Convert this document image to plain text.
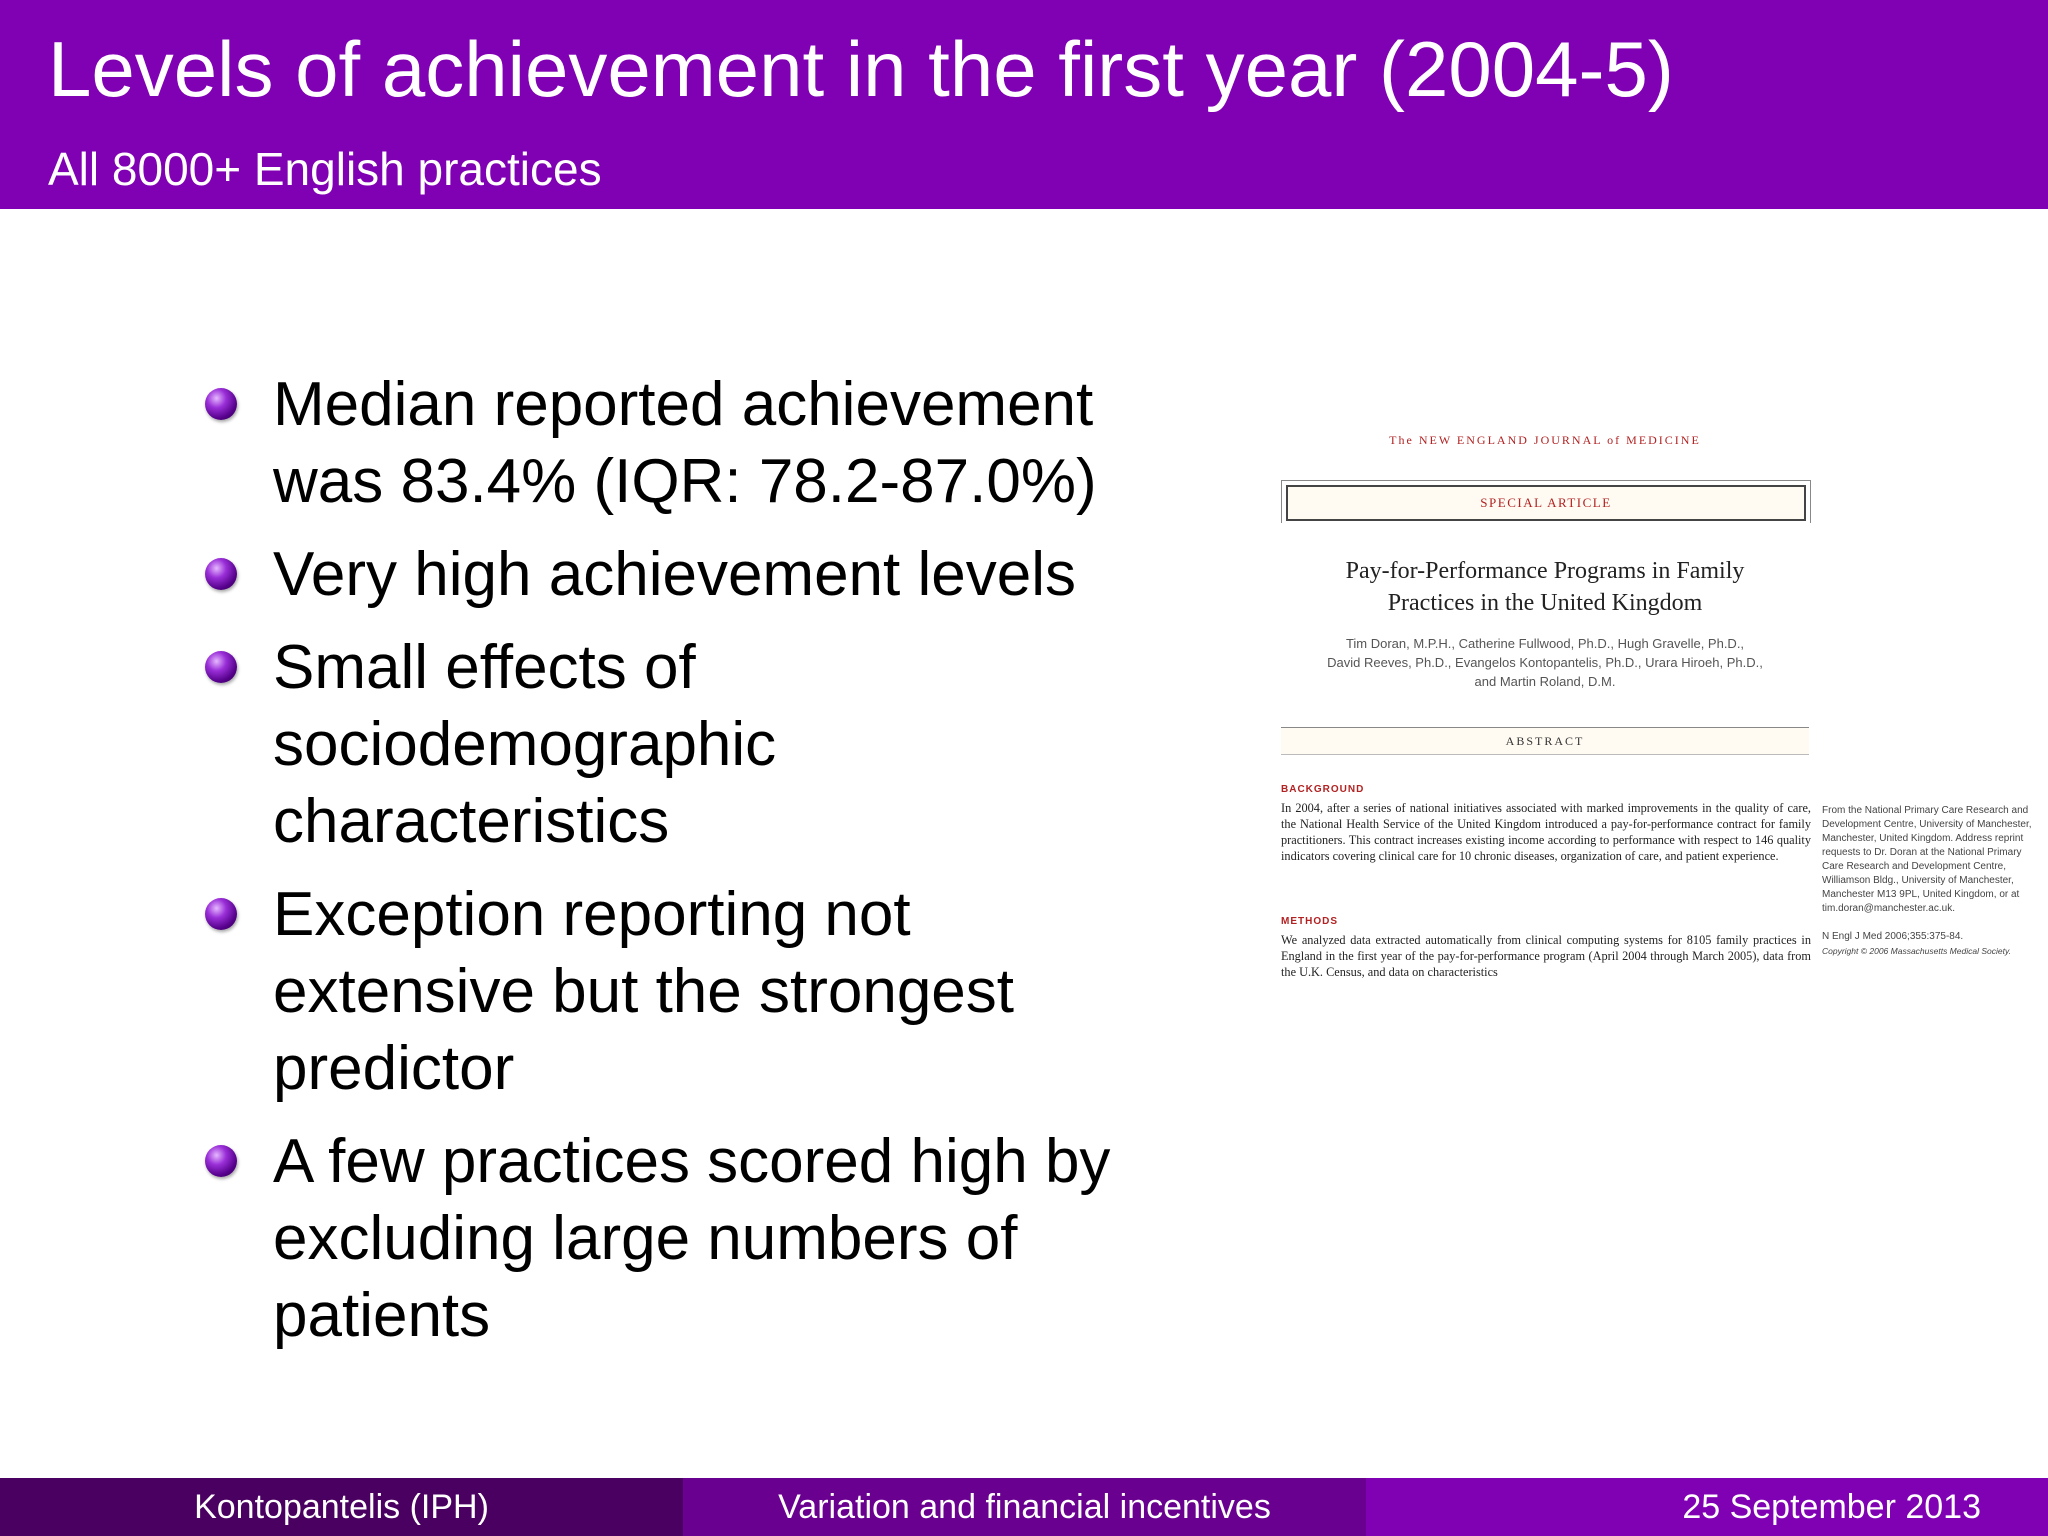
Levels of achievement in the first year (2004-5)
All 8000+ English practices
Median reported achievement was 83.4% (IQR: 78.2-87.0%)
Very high achievement levels
Small effects of sociodemographic characteristics
Exception reporting not extensive but the strongest predictor
A few practices scored high by excluding large numbers of patients
The NEW ENGLAND JOURNAL of MEDICINE
SPECIAL ARTICLE
Pay-for-Performance Programs in Family
Practices in the United Kingdom
Tim Doran, M.P.H., Catherine Fullwood, Ph.D., Hugh Gravelle, Ph.D.,
David Reeves, Ph.D., Evangelos Kontopantelis, Ph.D., Urara Hiroeh, Ph.D.,
and Martin Roland, D.M.
ABSTRACT
BACKGROUND
In 2004, after a series of national initiatives associated with marked improvements in the quality of care, the National Health Service of the United Kingdom introduced a pay-for-performance contract for family practitioners. This contract increases existing income according to performance with respect to 146 quality indicators covering clinical care for 10 chronic diseases, organization of care, and patient experience.
METHODS
We analyzed data extracted automatically from clinical computing systems for 8105 family practices in England in the first year of the pay-for-performance program (April 2004 through March 2005), data from the U.K. Census, and data on characteristics
From the National Primary Care Research and Development Centre, University of Manchester, Manchester, United Kingdom. Address reprint requests to Dr. Doran at the National Primary Care Research and Development Centre, Williamson Bldg., University of Manchester, Manchester M13 9PL, United Kingdom, or at tim.doran@manchester.ac.uk.
N Engl J Med 2006;355:375-84.
Copyright © 2006 Massachusetts Medical Society.
Kontopantelis (IPH)	Variation and financial incentives	25 September 2013
